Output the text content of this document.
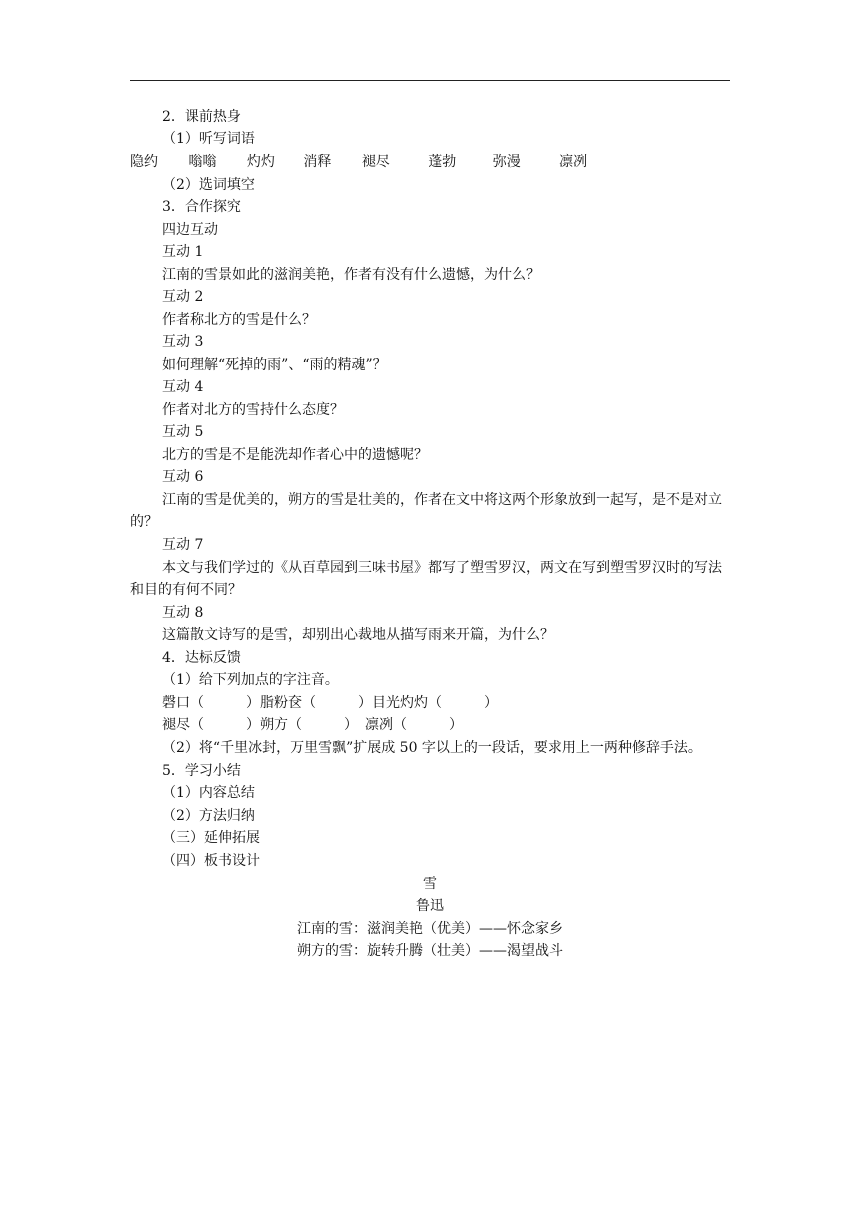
2．课前热身
（1）听写词语
隐约 嗡嗡 灼灼 消释 褪尽	蓬勃	弥漫	凛冽
（2）选词填空
3．合作探究
四边互动
互动 1
江南的雪景如此的滋润美艳，作者有没有什么遗憾，为什么？
互动 2
作者称北方的雪是什么？
互动 3
如何理解“死掉的雨”、“雨的精魂”？
互动 4
作者对北方的雪持什么态度？
互动 5
北方的雪是不是能洗却作者心中的遗憾呢？
互动 6
江南的雪是优美的，朔方的雪是壮美的，作者在文中将这两个形象放到一起写，是不是对立的？
互动 7
本文与我们学过的《从百草园到三味书屋》都写了塑雪罗汉，两文在写到塑雪罗汉时的写法和目的有何不同？
互动 8
这篇散文诗写的是雪，却别出心裁地从描写雨来开篇，为什么？
4．达标反馈
（1）给下列加点的字注音。
磬口（　　　）脂粉奁（　　　）目光灼灼（　　　）
褪尽（　　　）朔方（　　　）　凛冽（　　　）
（2）将“千里冰封，万里雪飘”扩展成 50 字以上的一段话，要求用上一两种修辞手法。
5．学习小结
（1）内容总结
（2）方法归纳
（三）延伸拓展
（四）板书设计
雪
鲁迅
江南的雪：滋润美艳（优美）——怀念家乡
朔方的雪：旋转升腾（壮美）——渴望战斗
